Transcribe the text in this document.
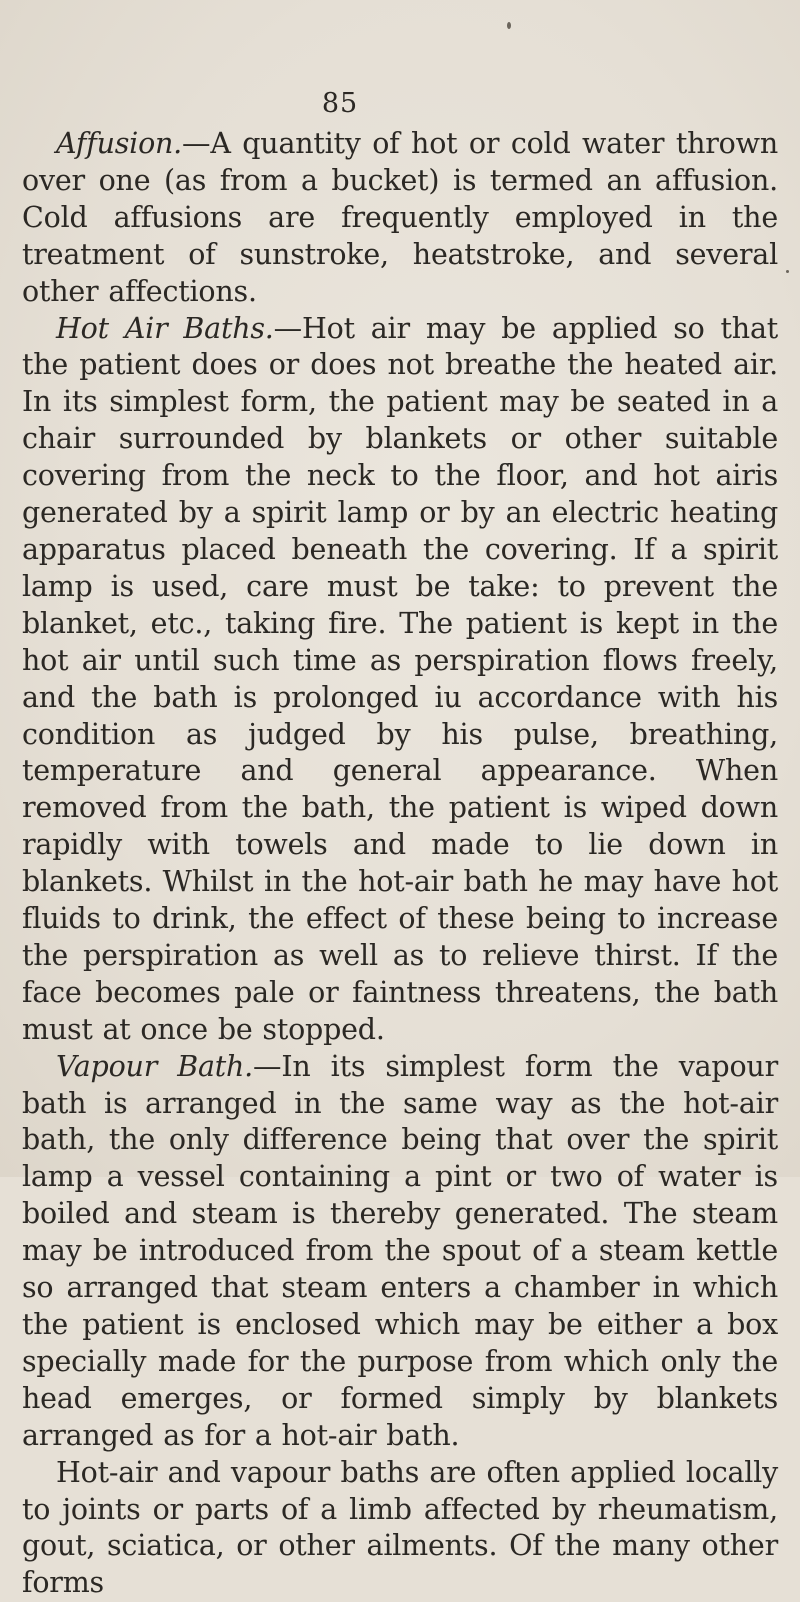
85

Affusion.—A quantity of hot or cold water thrown over one (as from a bucket) is termed an affusion. Cold affusions are frequently employed in the treatment of sunstroke, heatstroke, and several other affections.

Hot Air Baths.—Hot air may be applied so that the patient does or does not breathe the heated air. In its simplest form, the patient may be seated in a chair surrounded by blankets or other suitable covering from the neck to the floor, and hot airis generated by a spirit lamp or by an electric heating apparatus placed beneath the covering. If a spirit lamp is used, care must be take: to prevent the blanket, etc., taking fire. The patient is kept in the hot air until such time as perspiration flows freely, and the bath is prolonged iu accordance with his condition as judged by his pulse, breathing, temperature and general appearance. When removed from the bath, the patient is wiped down rapidly with towels and made to lie down in blankets. Whilst in the hot-air bath he may have hot fluids to drink, the effect of these being to increase the perspiration as well as to relieve thirst. If the face becomes pale or faintness threatens, the bath must at once be stopped.

Vapour Bath.—In its simplest form the vapour bath is arranged in the same way as the hot-air bath, the only difference being that over the spirit lamp a vessel containing a pint or two of water is boiled and steam is thereby generated. The steam may be introduced from the spout of a steam kettle so arranged that steam enters a chamber in which the patient is enclosed which may be either a box specially made for the purpose from which only the head emerges, or formed simply by blankets arranged as for a hot-air bath.

Hot-air and vapour baths are often applied locally to joints or parts of a limb affected by rheumatism, gout, sciatica, or other ailments. Of the many other forms
